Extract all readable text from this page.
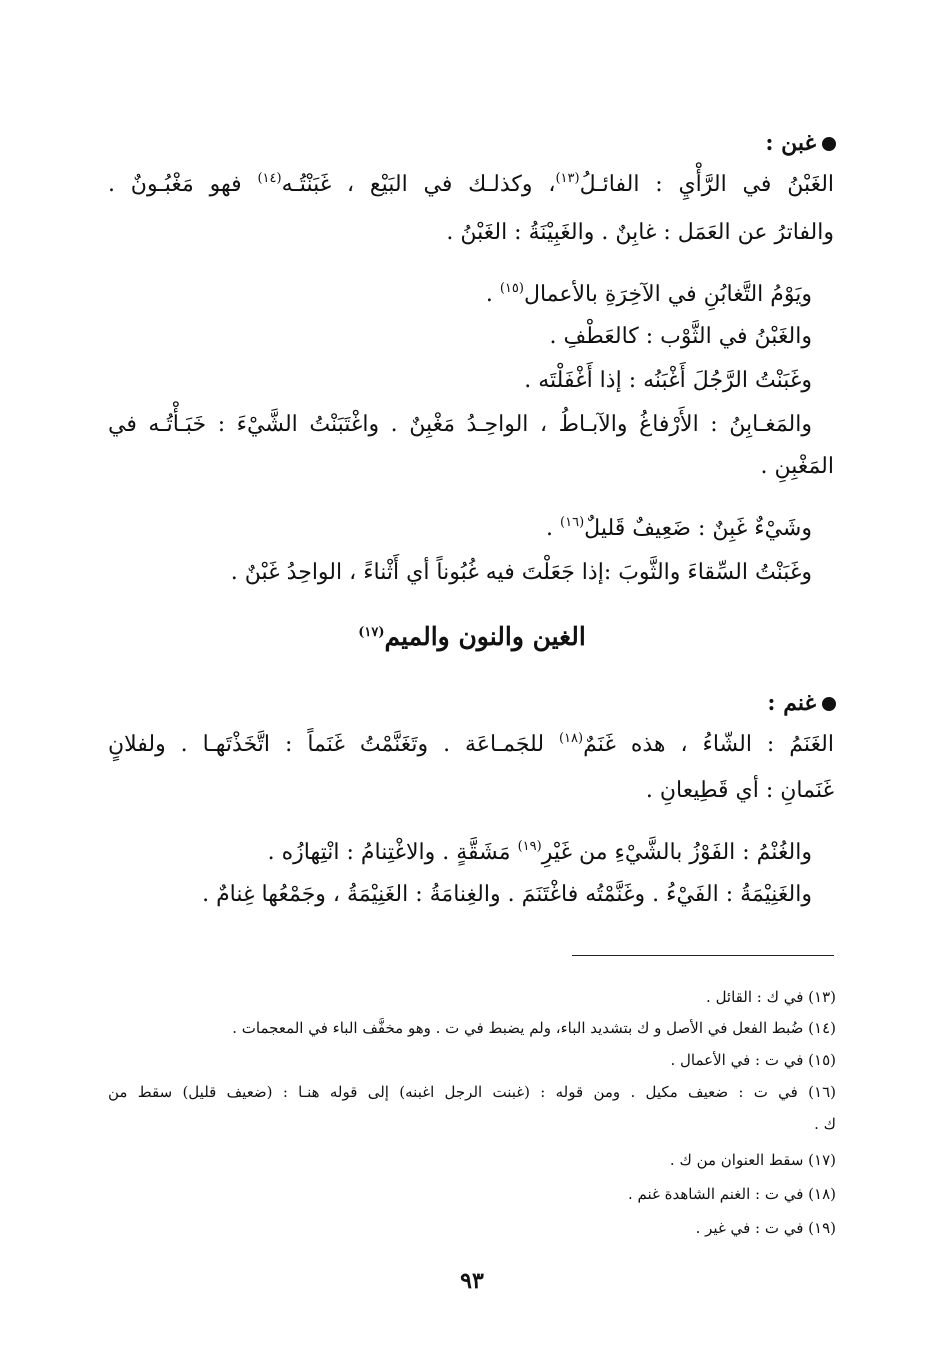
غبن :
الغَبْنُ في الرَّأْيِ : الفائـلُ$^{(١٣)}$، وكذلـك في البَيْع ، غَبَنْتُـه$^{(١٤)}$ فهو مَغْبُـونٌ .
والفاترُ عن العَمَل : غابِنٌ . والغَبِيْنَةُ : الغَبْنُ .
ويَوْمُ التَّغابُنِ في الآخِرَةِ بالأعمال$^{(١٥)}$ .
والغَبْنُ في الثَّوْب : كالعَطْفِ .
وغَبَنْتُ الرَّجُلَ أَغْبَنُه : إذا أَغْفَلْتَه .
والمَغـابِنُ : الأَرْفاغُ والآبـاطُ ، الواحِـدُ مَغْبِنٌ . واغْتَبَنْتُ الشَّيْءَ : خَبَـأْتُـه في
المَغْبِنِ .
وشَيْءٌ غَبِنٌ : ضَعِيفٌ قَليلٌ$^{(١٦)}$ .
وغَبَنْتُ السِّقاءَ والثَّوبَ :إذا جَعَلْتَ فيه غُبُوناً أي أَثْناءً ، الواحِدُ غَبْنٌ .
الغين والنون والميم$^{(١٧)}$
غنم :
الغَنَمُ : الشّاءُ ، هذه غَنَمٌ$^{(١٨)}$ للجَمـاعَة . وتَغَنَّمْتُ غَنَماً : اتَّخَذْتَهـا . ولفلانٍ
غَنَمانِ : أي قَطِيعانِ .
والغُنْمُ : الفَوْزُ بالشَّيْءِ من غَيْرِ$^{(١٩)}$ مَشَقَّةٍ . والاغْتِنامُ : انْتِهازُه .
والغَنِيْمَةُ : الفَيْءُ . وغَنَّمْتُه فاغْتَنَمَ . والغِنامَةُ : الغَنِيْمَةُ ، وجَمْعُها غِنامٌ .
(١٣) في ك : القائل .
(١٤) ضُبط الفعل في الأصل و ك بتشديد الباء، ولم يضبط في ت . وهو مخفَّف الباء في المعجمات .
(١٥) في ت : في الأعمال .
(١٦) في ت : ضعيف مكيل . ومن قوله : (غبنت الرجل اغبنه) إلى قوله هنـا : (ضعيف قليل) سقط من
ك .
(١٧) سقط العنوان من ك .
(١٨) في ت : الغنم الشاهدة غنم .
(١٩) في ت : في غير .
٩٣
